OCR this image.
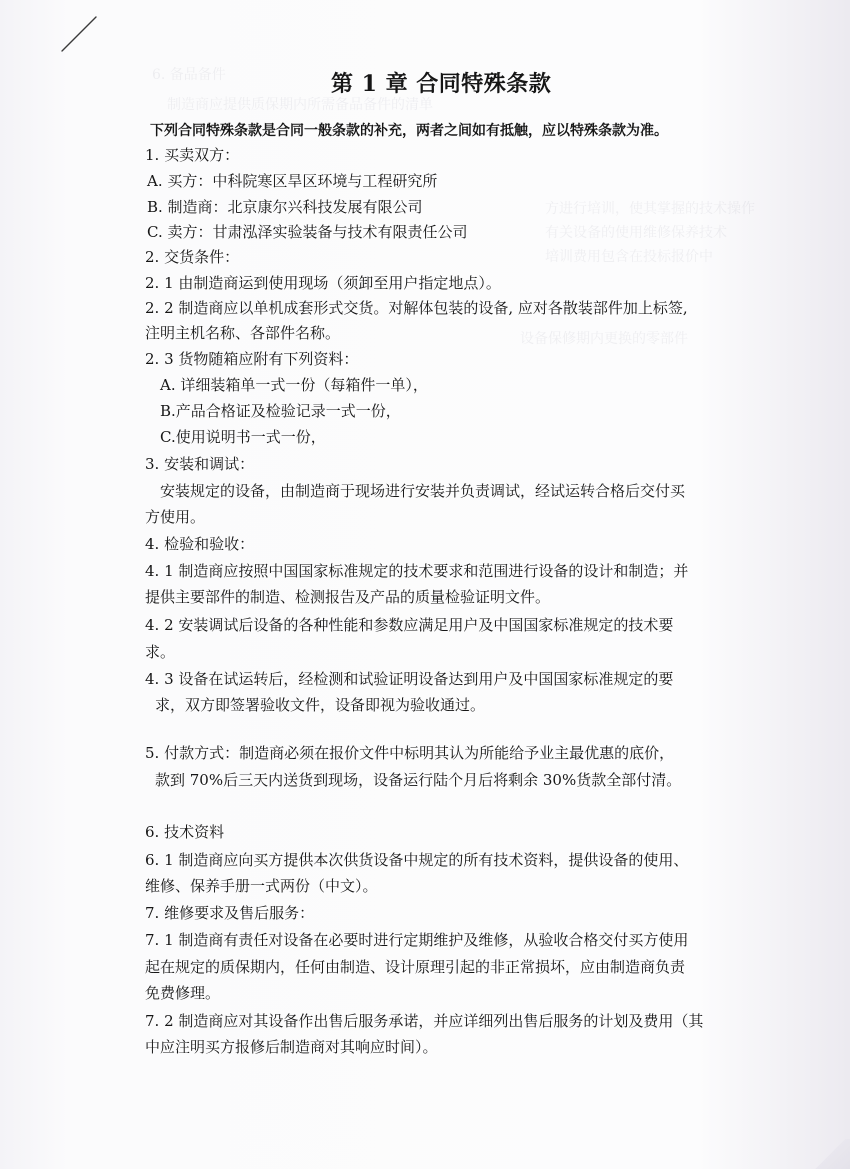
6. 备品备件
制造商应提供质保期内所需备品备件的清单
方进行培训，使其掌握的技术操作
有关设备的使用维修保养技术
培训费用包含在投标报价中
设备保修期内更换的零部件
第 1 章 合同特殊条款
下列合同特殊条款是合同一般条款的补充，两者之间如有抵触，应以特殊条款为准。
1. 买卖双方：
A. 买方：中科院寒区旱区环境与工程研究所
B. 制造商：北京康尔兴科技发展有限公司
C. 卖方：甘肃泓泽实验装备与技术有限责任公司
2. 交货条件：
2. 1 由制造商运到使用现场（须卸至用户指定地点）。
2. 2 制造商应以单机成套形式交货。对解体包装的设备, 应对各散装部件加上标签,
注明主机名称、各部件名称。
2. 3 货物随箱应附有下列资料：
A. 详细装箱单一式一份（每箱件一单），
B.产品合格证及检验记录一式一份，
C.使用说明书一式一份，
3. 安装和调试：
安装规定的设备，由制造商于现场进行安装并负责调试，经试运转合格后交付买
方使用。
4. 检验和验收：
4. 1 制造商应按照中国国家标准规定的技术要求和范围进行设备的设计和制造；并
提供主要部件的制造、检测报告及产品的质量检验证明文件。
4. 2 安装调试后设备的各种性能和参数应满足用户及中国国家标准规定的技术要
求。
4. 3 设备在试运转后，经检测和试验证明设备达到用户及中国国家标准规定的要
求，双方即签署验收文件，设备即视为验收通过。
5. 付款方式：制造商必须在报价文件中标明其认为所能给予业主最优惠的底价，
款到 70%后三天内送货到现场，设备运行陆个月后将剩余 30%货款全部付清。
6. 技术资料
6. 1 制造商应向买方提供本次供货设备中规定的所有技术资料，提供设备的使用、
维修、保养手册一式两份（中文）。
7. 维修要求及售后服务：
7. 1 制造商有责任对设备在必要时进行定期维护及维修，从验收合格交付买方使用
起在规定的质保期内，任何由制造、设计原理引起的非正常损坏，应由制造商负责
免费修理。
7. 2 制造商应对其设备作出售后服务承诺，并应详细列出售后服务的计划及费用（其
中应注明买方报修后制造商对其响应时间）。
